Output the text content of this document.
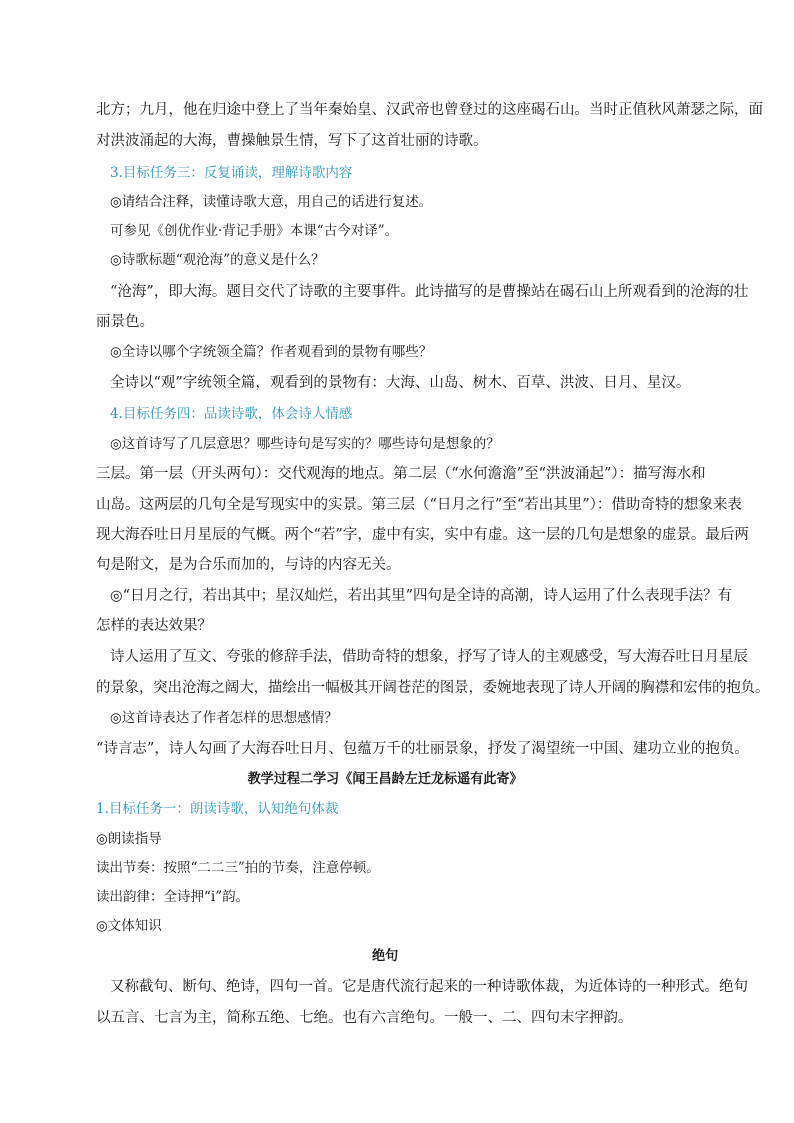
北方；九月，他在归途中登上了当年秦始皇、汉武帝也曾登过的这座碣石山。当时正值秋风萧瑟之际，面
对洪波涌起的大海，曹操触景生情，写下了这首壮丽的诗歌。
3.目标任务三：反复诵读，理解诗歌内容
◎请结合注释，读懂诗歌大意，用自己的话进行复述。
可参见《创优作业·背记手册》本课“古今对译”。
◎诗歌标题“观沧海”的意义是什么？
“沧海”，即大海。题目交代了诗歌的主要事件。此诗描写的是曹操站在碣石山上所观看到的沧海的壮
丽景色。
◎全诗以哪个字统领全篇？作者观看到的景物有哪些？
全诗以“观”字统领全篇，观看到的景物有：大海、山岛、树木、百草、洪波、日月、星汉。
4.目标任务四：品读诗歌，体会诗人情感
◎这首诗写了几层意思？哪些诗句是写实的？哪些诗句是想象的？
三层。第一层（开头两句）：交代观海的地点。第二层（“水何澹澹”至“洪波涌起”）：描写海水和
山岛。这两层的几句全是写现实中的实景。第三层（“日月之行”至“若出其里”）：借助奇特的想象来表
现大海吞吐日月星辰的气概。两个“若”字，虚中有实，实中有虚。这一层的几句是想象的虚景。最后两
句是附文，是为合乐而加的，与诗的内容无关。
◎“日月之行，若出其中；星汉灿烂，若出其里”四句是全诗的高潮，诗人运用了什么表现手法？有
怎样的表达效果？
诗人运用了互文、夸张的修辞手法，借助奇特的想象，抒写了诗人的主观感受，写大海吞吐日月星辰
的景象，突出沧海之阔大，描绘出一幅极其开阔苍茫的图景，委婉地表现了诗人开阔的胸襟和宏伟的抱负。
◎这首诗表达了作者怎样的思想感情？
“诗言志”，诗人勾画了大海吞吐日月、包蕴万千的壮丽景象，抒发了渴望统一中国、建功立业的抱负。
教学过程二学习《闻王昌龄左迁龙标遥有此寄》
1.目标任务一：朗读诗歌，认知绝句体裁
◎朗读指导
读出节奏：按照“二二三”拍的节奏，注意停顿。
读出韵律：全诗押“i”韵。
◎文体知识
绝句
又称截句、断句、绝诗，四句一首。它是唐代流行起来的一种诗歌体裁，为近体诗的一种形式。绝句
以五言、七言为主，简称五绝、七绝。也有六言绝句。一般一、二、四句末字押韵。
